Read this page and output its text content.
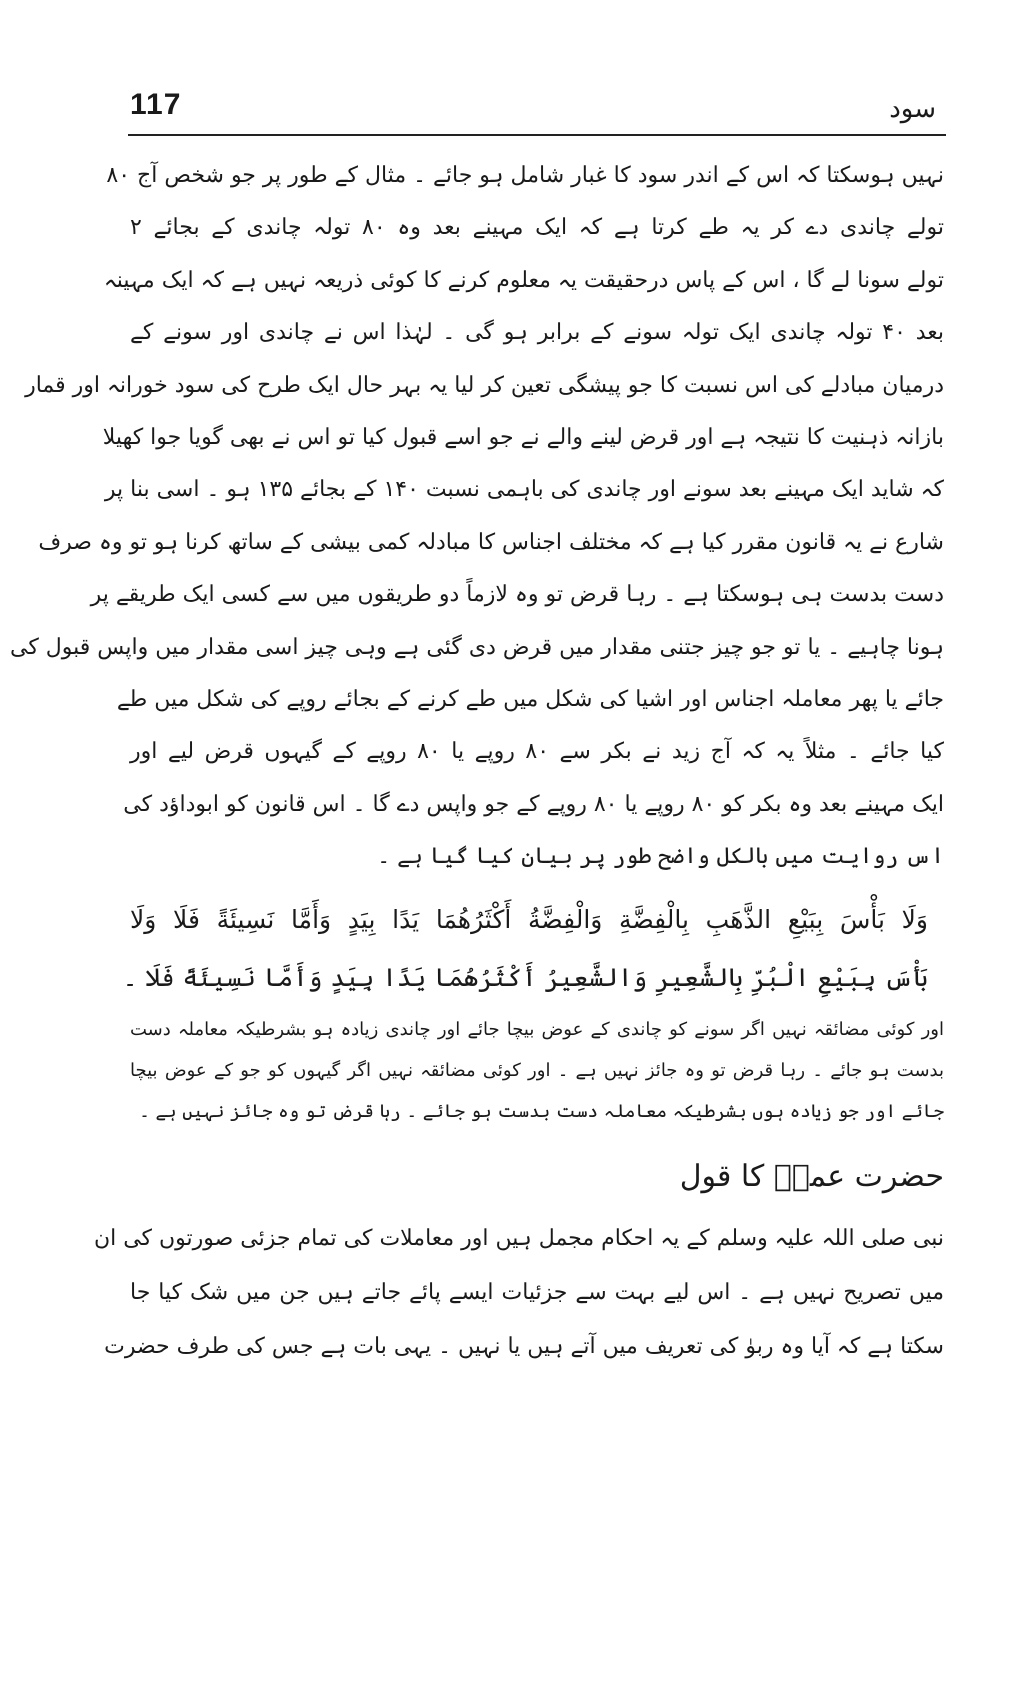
117	سود
نہیں ہوسکتا کہ اس کے اندر سود کا غبار شامل ہو جائے ۔ مثال کے طور پر جو شخص آج ۸۰
تولے چاندی دے کر یہ طے کرتا ہے کہ ایک مہینے بعد وہ ۸۰ تولہ چاندی کے بجائے ۲
تولے سونا لے گا ، اس کے پاس درحقیقت یہ معلوم کرنے کا کوئی ذریعہ نہیں ہے کہ ایک مہینہ
بعد ۴۰ تولہ چاندی ایک تولہ سونے کے برابر ہو گی ۔ لہٰذا اس نے چاندی اور سونے کے
درمیان مبادلے کی اس نسبت کا جو پیشگی تعین کر لیا یہ بہر حال ایک طرح کی سود خورانہ اور قمار
بازانہ ذہنیت کا نتیجہ ہے اور قرض لینے والے نے جو اسے قبول کیا تو اس نے بھی گویا جوا کھیلا
کہ شاید ایک مہینے بعد سونے اور چاندی کی باہمی نسبت ۱۴۰ کے بجائے ۱۳۵ ہو ۔ اسی بنا پر
شارع نے یہ قانون مقرر کیا ہے کہ مختلف اجناس کا مبادلہ کمی بیشی کے ساتھ کرنا ہو تو وہ صرف
دست بدست ہی ہوسکتا ہے ۔ رہا قرض تو وہ لازماً دو طریقوں میں سے کسی ایک طریقے پر
ہونا چاہیے ۔ یا تو جو چیز جتنی مقدار میں قرض دی گئی ہے وہی چیز اسی مقدار میں واپس قبول کی
جائے یا پھر معاملہ اجناس اور اشیا کی شکل میں طے کرنے کے بجائے روپے کی شکل میں طے
کیا جائے ۔ مثلاً یہ کہ آج زید نے بکر سے ۸۰ روپے یا ۸۰ روپے کے گیہوں قرض لیے اور
ایک مہینے بعد وہ بکر کو ۸۰ روپے یا ۸۰ روپے کے جو واپس دے گا ۔ اس قانون کو ابوداؤد کی
اس روایت میں بالکل واضح طور پر بیان کیا گیا ہے ۔
وَلَا بَأْسَ بِبَيْعِ الذَّهَبِ بِالْفِضَّةِ وَالْفِضَّةُ أَكْثَرُهُمَا يَدًا بِيَدٍ وَأَمَّا نَسِيئَةً فَلَا وَلَا
بَأْسَ بِبَيْعِ الْبُرِّ بِالشَّعِيرِ وَالشَّعِيرُ أَكْثَرُهُمَا يَدًا بِيَدٍ وَأَمَّا نَسِيئَةً فَلَا ۔
اور کوئی مضائقہ نہیں اگر سونے کو چاندی کے عوض بیچا جائے اور چاندی زیادہ ہو بشرطیکہ معاملہ دست
بدست ہو جائے ۔ رہا قرض تو وہ جائز نہیں ہے ۔ اور کوئی مضائقہ نہیں اگر گیہوں کو جو کے عوض بیچا
جائے اور جو زیادہ ہوں بشرطیکہ معاملہ دست بدست ہو جائے ۔ رہا قرض تو وہ جائز نہیں ہے ۔
حضرت عمرؓ کا قول
نبی صلی اللہ علیہ وسلم کے یہ احکام مجمل ہیں اور معاملات کی تمام جزئی صورتوں کی ان
میں تصریح نہیں ہے ۔ اس لیے بہت سے جزئیات ایسے پائے جاتے ہیں جن میں شک کیا جا
سکتا ہے کہ آیا وہ ربوٰ کی تعریف میں آتے ہیں یا نہیں ۔ یہی بات ہے جس کی طرف حضرت
